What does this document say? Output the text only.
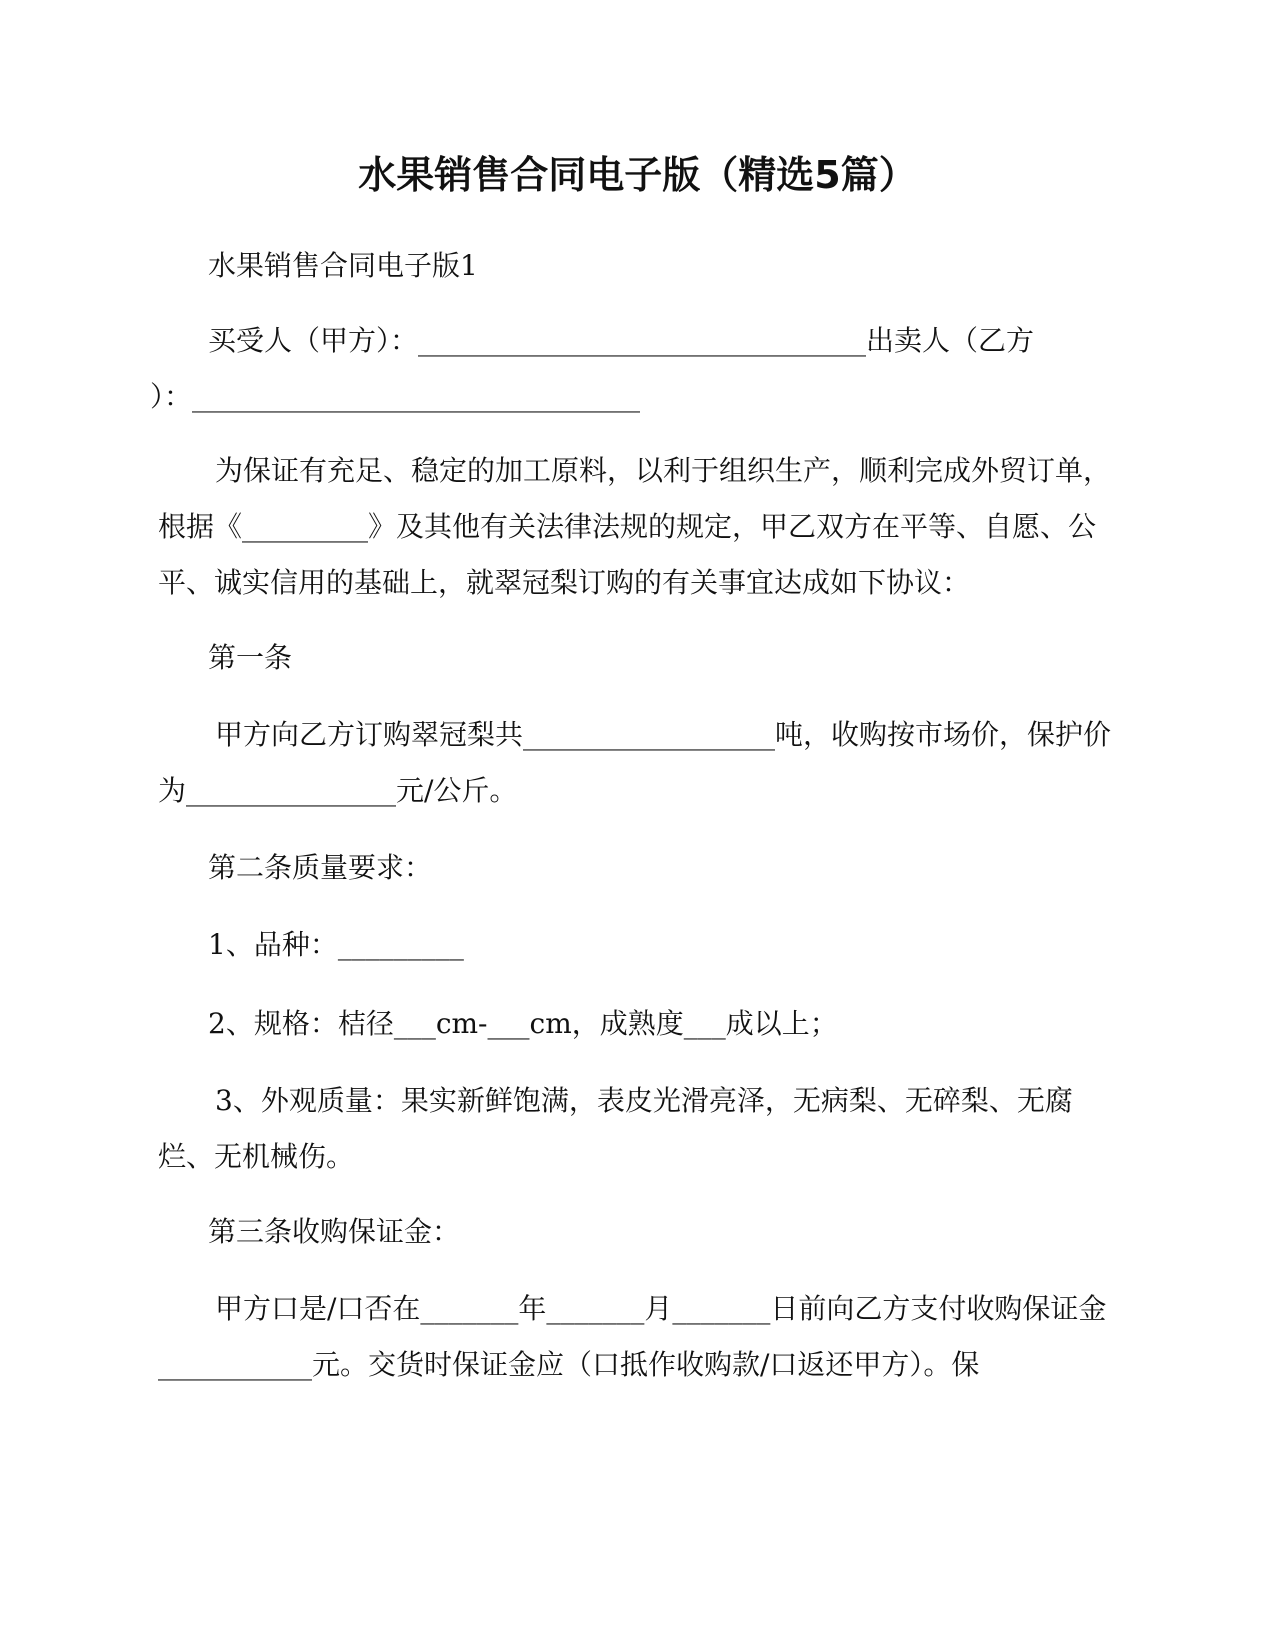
水果销售合同电子版（精选5篇）

水果销售合同电子版1

买受人（甲方）：________________________________出卖人（乙方

）：________________________________

为保证有充足、稳定的加工原料，以利于组织生产，顺利完成外贸订单，根据《_________》及其他有关法律法规的规定，甲乙双方在平等、自愿、公平、诚实信用的基础上，就翠冠梨订购的有关事宜达成如下协议：

第一条

甲方向乙方订购翠冠梨共__________________吨，收购按市场价，保护价为_______________元/公斤。

第二条质量要求：

1、品种：_________

2、规格：桔径___cm-___cm，成熟度___成以上；

3、外观质量：果实新鲜饱满，表皮光滑亮泽，无病梨、无碎梨、无腐烂、无机械伤。

第三条收购保证金：

甲方口是/口否在_______年_______月_______日前向乙方支付收购保证金___________元。交货时保证金应（口抵作收购款/口返还甲方）。保
